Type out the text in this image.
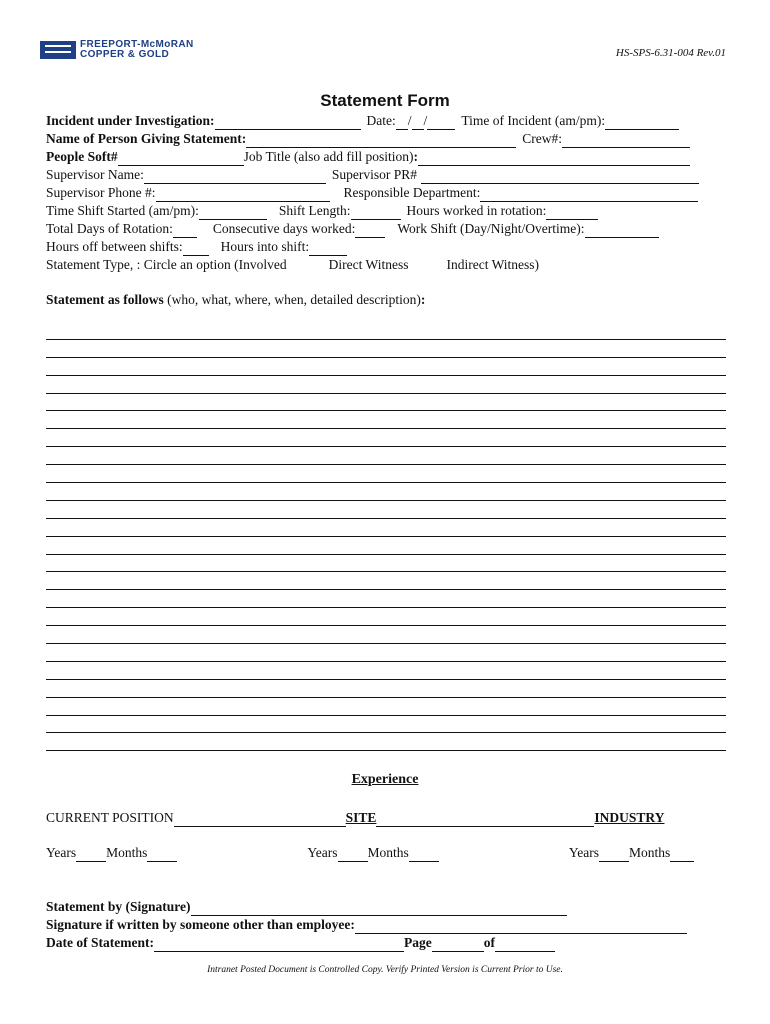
FREEPORT-McMoRAN
COPPER & GOLD	HS-SPS-6.31-004 Rev.01
Statement Form
Incident under Investigation:	Date: / /	Time of Incident (am/pm):
Name of Person Giving Statement:	Crew#:
People Soft#	Job Title (also add fill position) :
Supervisor Name:	Supervisor PR#
Supervisor Phone #:	Responsible Department:
Time Shift Started (am/pm):	Shift Length:	Hours worked in rotation:
Total Days of Rotation:	Consecutive days worked:	Work Shift (Day/Night/Overtime):
Hours off between shifts:	Hours into shift:
Statement Type, : Circle an option (Involved	Direct Witness	Indirect Witness)
Statement as follows (who, what, where, when, detailed description) :
Experience
CURRENT POSITION	SITE	INDUSTRY
Years Months	Years Months	Years Months
Statement by (Signature)
Signature if written by someone other than employee:
Date of Statement:	Page	of
Intranet Posted Document is Controlled Copy. Verify Printed Version is Current Prior to Use.
